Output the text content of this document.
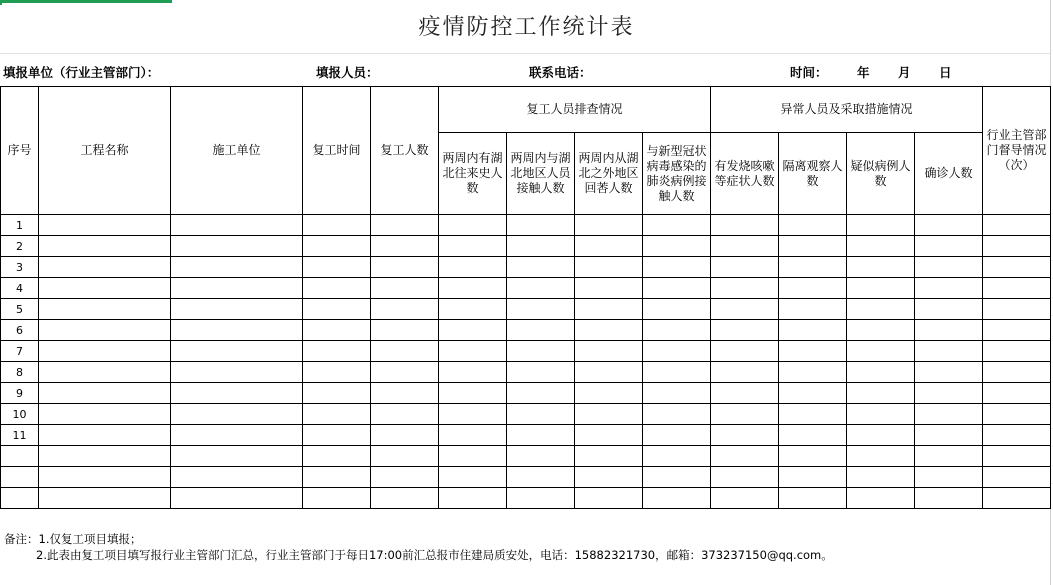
疫情防控工作统计表
填报单位（行业主管部门）：	填报人员：	联系电话：	时间： 年 月 日
序号	工程名称	施工单位	复工时间	复工人数	复工人员排查情况				异常人员及采取措施情况				行业主管部门督导情况（次）
					两周内有湖北往来史人数	两周内与湖北地区人员接触人数	两周内从湖北之外地区回莕人数	与新型冠状病毒感染的肺炎病例接触人数	有发烧咳嗽等症状人数	隔离观察人数	疑似病例人数	确诊人数	
1													
2													
3													
4													
5													
6													
7													
8													
9													
10													
11													

备注：1.仅复工项目填报；
2.此表由复工项目填写报行业主管部门汇总，行业主管部门于每日17:00前汇总报市住建局质安处，电话：15882321730，邮箱：373237150@qq.com。
